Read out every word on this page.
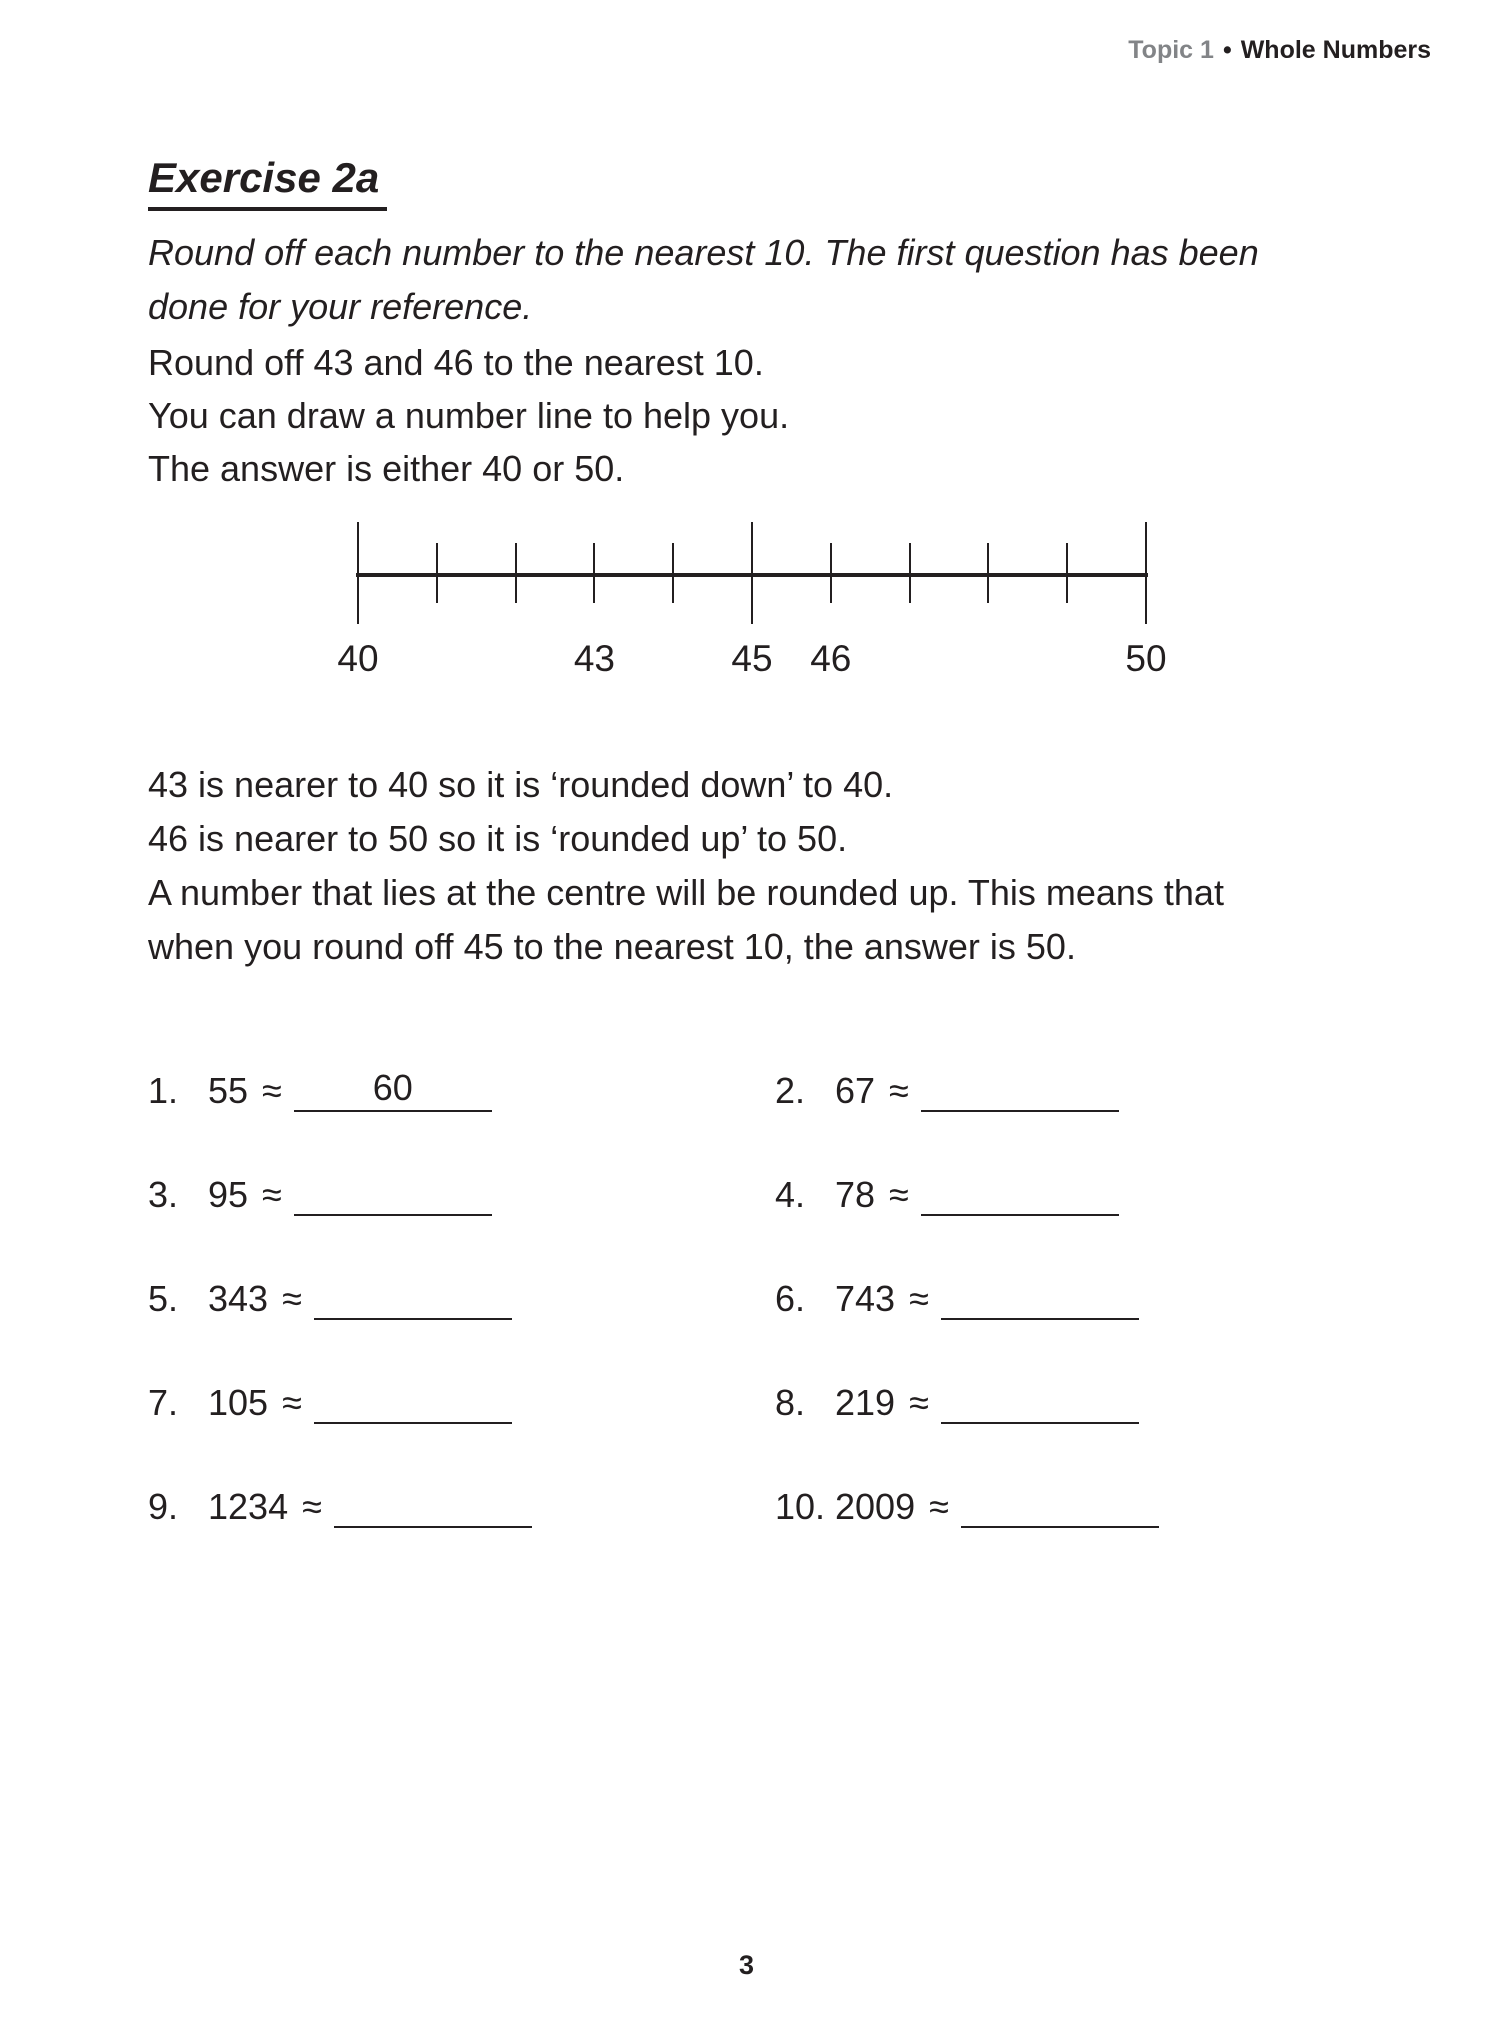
Topic 1 • Whole Numbers
Exercise 2a
Round off each number to the nearest 10. The first question has been
done for your reference.
Round off 43 and 46 to the nearest 10.
You can draw a number line to help you.
The answer is either 40 or 50.
40	43	45 46	50
43 is nearer to 40 so it is ‘rounded down’ to 40.
46 is nearer to 50 so it is ‘rounded up’ to 50.
A number that lies at the centre will be rounded up. This means that
when you round off 45 to the nearest 10, the answer is 50.
1. 55 ≈	60	2. 67 ≈
3. 95 ≈	4. 78 ≈
5. 343 ≈	6. 743 ≈
7. 105 ≈	8. 219 ≈
9. 1234 ≈	10. 2009 ≈
3
